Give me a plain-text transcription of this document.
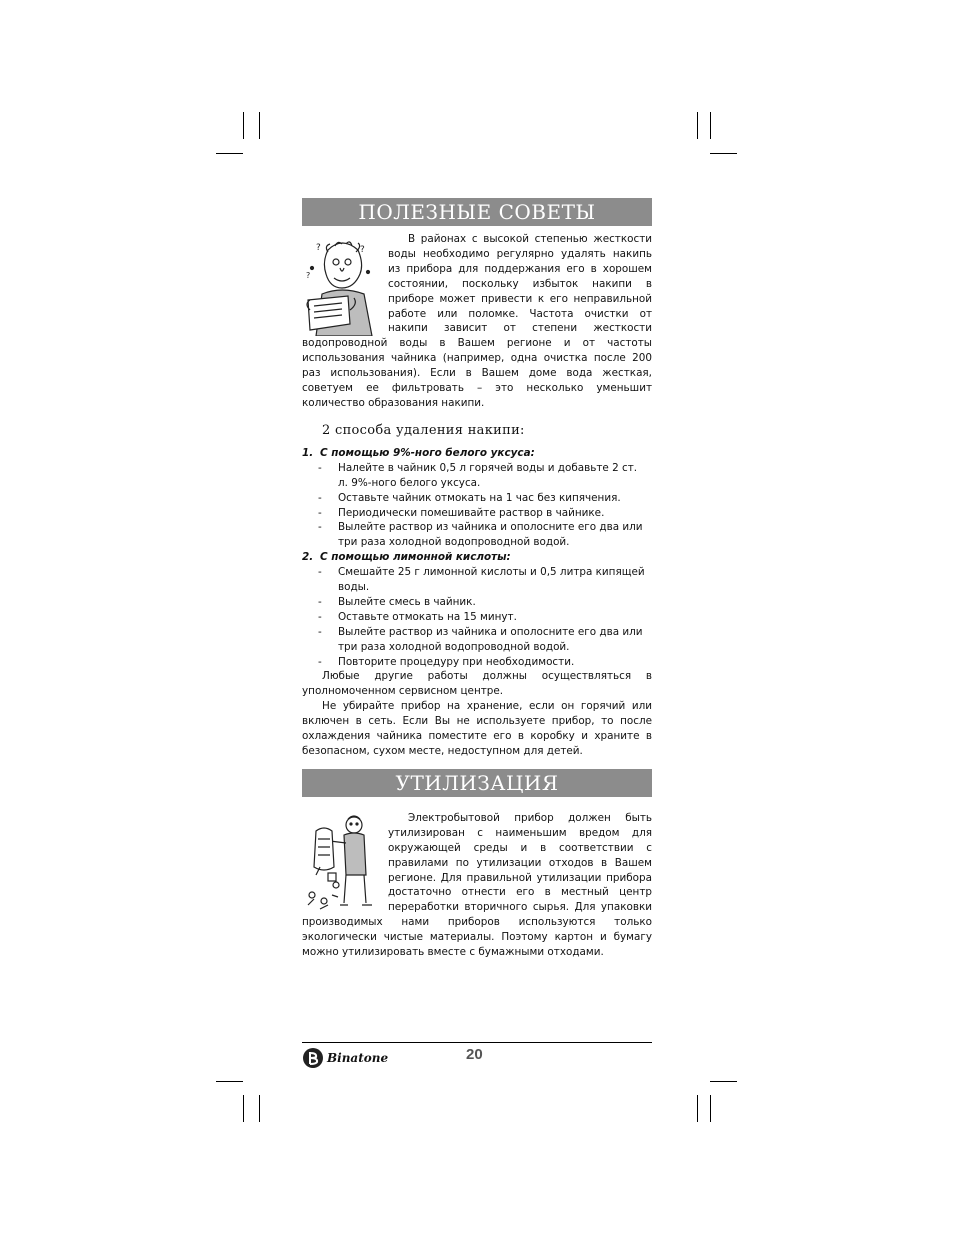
ПОЛЕЗНЫЕ СОВЕТЫ
?	?
?

В районах с высокой степенью жесткости воды необходимо регулярно удалять накипь из прибора для поддержания его в хорошем состоянии, поскольку избыток накипи в приборе может привести к его неправильной работе или поломке. Частота очистки от накипи зависит от степени жесткости водопроводной воды в Вашем регионе и от частоты использования чайника (например, одна очистка после 200 раз использования). Если в Вашем доме вода жесткая, советуем ее фильтровать – это несколько уменьшит количество образования накипи.

2 способа удаления накипи:
1. С помощью 9%-ного белого уксуса:
-	Налейте в чайник 0,5 л горячей воды и добавьте 2 ст. л. 9%-ного белого уксуса.
-	Оставьте чайник отмокать на 1 час без кипячения.
-	Периодически помешивайте раствор в чайнике.
-	Вылейте раствор из чайника и ополосните его два или три раза холодной водопроводной водой.
2. С помощью лимонной кислоты:
-	Смешайте 25 г лимонной кислоты и 0,5 литра кипящей воды.
-	Вылейте смесь в чайник.
-	Оставьте отмокать на 15 минут.
-	Вылейте раствор из чайника и ополосните его два или три раза холодной водопроводной водой.
-	Повторите процедуру при необходимости.

Любые другие работы должны осуществляться в уполномоченном сервисном центре.

Не убирайте прибор на хранение, если он горячий или включен в сеть. Если Вы не используете прибор, то после охлаждения чайника поместите его в коробку и храните в безопасном, сухом месте, недоступном для детей.

УТИЛИЗАЦИЯ

Электробытовой прибор должен быть утилизирован с наименьшим вредом для окружающей среды и в соответствии с правилами по утилизации отходов в Вашем регионе. Для правильной утилизации прибора достаточно отнести его в местный центр переработки вторичного сырья. Для упаковки производимых нами приборов используются только экологически чистые материалы. Поэтому картон и бумагу можно утилизировать вместе с бумажными отходами.

Binatone	20
